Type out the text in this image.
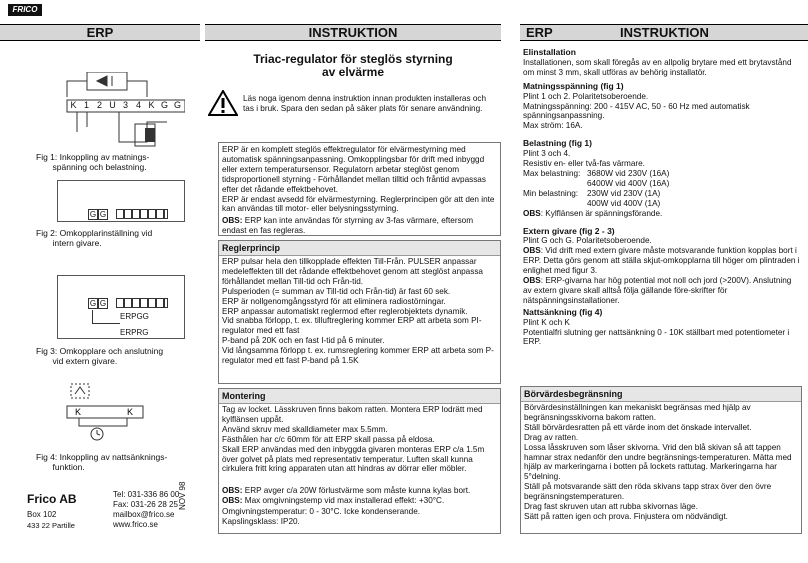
FRICO
ERP
K 1 2 U 3 4 K G G
Fig 1: Inkoppling av matnings-
spänning och belastning.
G G
Fig 2: Omkopplarinställning vid
intern givare.
G G
ERPGG
ERPRG
Fig 3: Omkopplare och anslutning
vid extern givare.
K	K
Fig 4: Inkoppling av nattsänknings-
funktion.
Frico AB
Box 102
433 22 Partille
Tel: 031-336 86 00
Fax: 031-26 28 25
mailbox@frico.se
www.frico.se
NOV 98
INSTRUKTION
Triac-regulator för steglös styrning
av elvärme
Läs noga igenom denna instruktion innan produkten installeras och tas i bruk. Spara den sedan på säker plats för senare användning.
ERP är en komplett steglös effektregulator för elvärmestyrning med automatisk spänningsanpassning. Omkopplingsbar för drift med inbyggd eller extern temperatursensor. Regulatorn arbetar steglöst genom tidsproportionell styrning - Förhållandet mellan tilltid och fråntid avpassas efter det rådande effektbehovet.
ERP är endast avsedd för elvärmestyrning. Reglerprincipen gör att den inte kan användas till motor- eller belysningsstyrning.
OBS: ERP kan inte användas för styrning av 3-fas värmare, eftersom endast en fas regleras.
Reglerprincip
ERP pulsar hela den tillkopplade effekten Till-Från. PULSER anpassar medeleffekten till det rådande effektbehovet genom att steglöst anpassa förhållandet mellan Till-tid och Från-tid.
Pulsperioden (= summan av Till-tid och Från-tid) är fast 60 sek.
ERP är nollgenomgångsstyrd för att eliminera radiostörningar.
ERP anpassar automatiskt reglermod efter reglerobjektets dynamik.
Vid snabba förlopp, t. ex. tilluftreglering kommer ERP att arbeta som PI-regulator med ett fast
P-band på 20K och en fast I-tid på 6 minuter.
Vid långsamma förlopp t. ex. rumsreglering kommer ERP att arbeta som P-regulator med ett fast P-band på 1.5K
Montering
Tag av locket. Lässkruven finns bakom ratten. Montera ERP lodrätt med kylflänsen uppåt.
Använd skruv med skalldiameter max 5.5mm.
Fästhålen har c/c 60mm för att ERP skall passa på eldosa.
Skall ERP användas med den inbyggda givaren monteras ERP c/a 1.5m över golvet på plats med representativ temperatur. Luften skall kunna cirkulera fritt kring apparaten utan att hindras av dörrar eller möbler.
OBS: ERP avger c/a 20W förlustvärme som måste kunna kylas bort.
OBS: Max omgivningstemp vid max installerad effekt: +30°C.
Omgivningstemperatur: 0 - 30°C. Icke kondenserande.
Kapslingsklass: IP20.
ERP	INSTRUKTION
Elinstallation

Installationen, som skall föregås av en allpolig brytare med ett brytavstånd om minst 3 mm, skall utföras av behörig installatör.

Matningsspänning (fig 1)

Plint 1 och 2. Polaritetsoberoende.
Matningsspänning: 200 - 415V AC, 50 - 60 Hz med automatisk spänningsanpassning.
Max ström: 16A.

Belastning (fig 1)

Plint 3 och 4.
Resistiv en- eller två-fas värmare.

Max belastning: 3680W vid 230V (16A)
6400W vid 400V (16A)
Min belastning:	230W vid 230V (1A)
400W vid 400V (1A)

OBS: Kylflänsen är spänningsförande.

Extern givare (fig 2 - 3)

Plint G och G. Polaritetsoberoende.

OBS: Vid drift med extern givare måste motsvarande funktion kopplas bort i ERP. Detta görs genom att ställa skjut-omkopplarna till höger om plintraden i enlighet med figur 3.

OBS: ERP-givarna har hög potential mot noll och jord (>200V). Anslutning av extern givare skall alltså följa gällande före-skrifter för nätspänningsinstallationer.

Nattsänkning (fig 4)

Plint K och K
Potentialfri slutning ger nattsänkning 0 - 10K ställbart med potentiometer i ERP.

Börvärdesbegränsning
Börvärdesinställningen kan mekaniskt begränsas med hjälp av begränsningsskivorna bakom ratten.
Ställ börvärdesratten på ett värde inom det önskade intervallet.
Drag av ratten.
Lossa låsskruven som låser skivorna. Vrid den blå skivan så att tappen hamnar strax nedanför den undre begränsnings-temperaturen. Mätta med hjälp av markeringarna i botten på lockets rattutag. Markeringarna har 5°delning.
Ställ på motsvarande sätt den röda skivans tapp strax över den övre begränsningstemperaturen.
Drag fast skruven utan att rubba skivornas läge.
Sätt på ratten igen och prova. Finjustera om nödvändigt.
